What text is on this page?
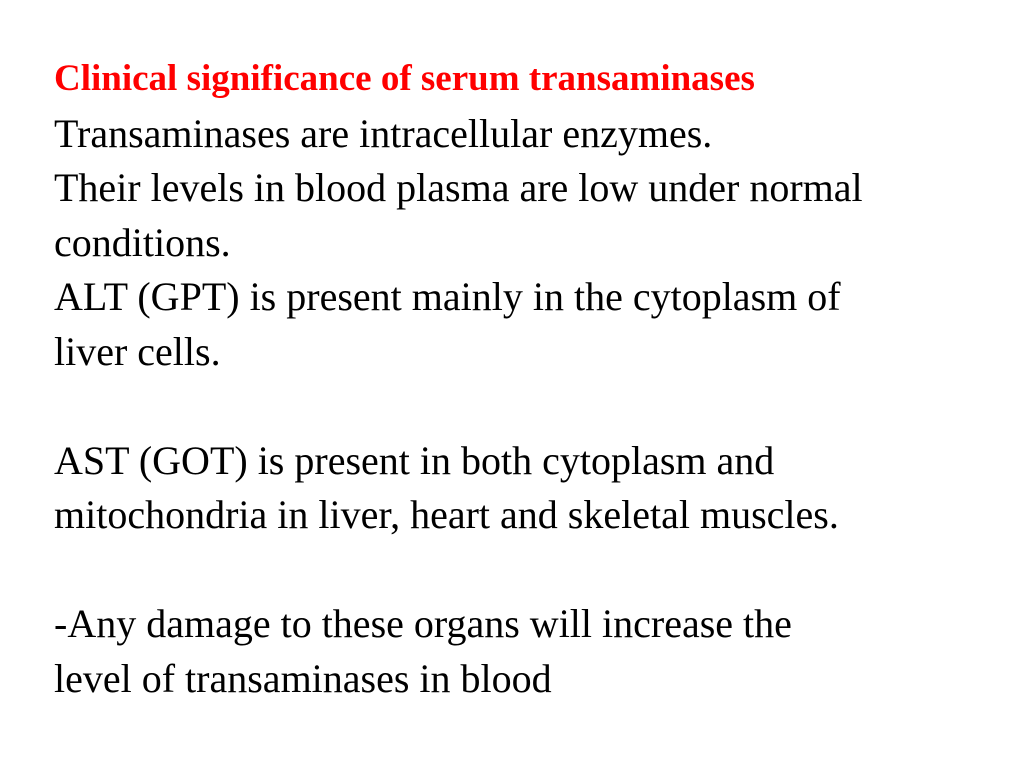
Clinical significance of serum transaminases
Transaminases are intracellular enzymes.
Their levels in blood plasma are low under normal
conditions.
ALT (GPT) is present mainly in the cytoplasm of
liver cells.
AST (GOT) is present in both cytoplasm and
mitochondria in liver, heart and skeletal muscles.
-Any damage to these organs will increase the
level of transaminases in blood
